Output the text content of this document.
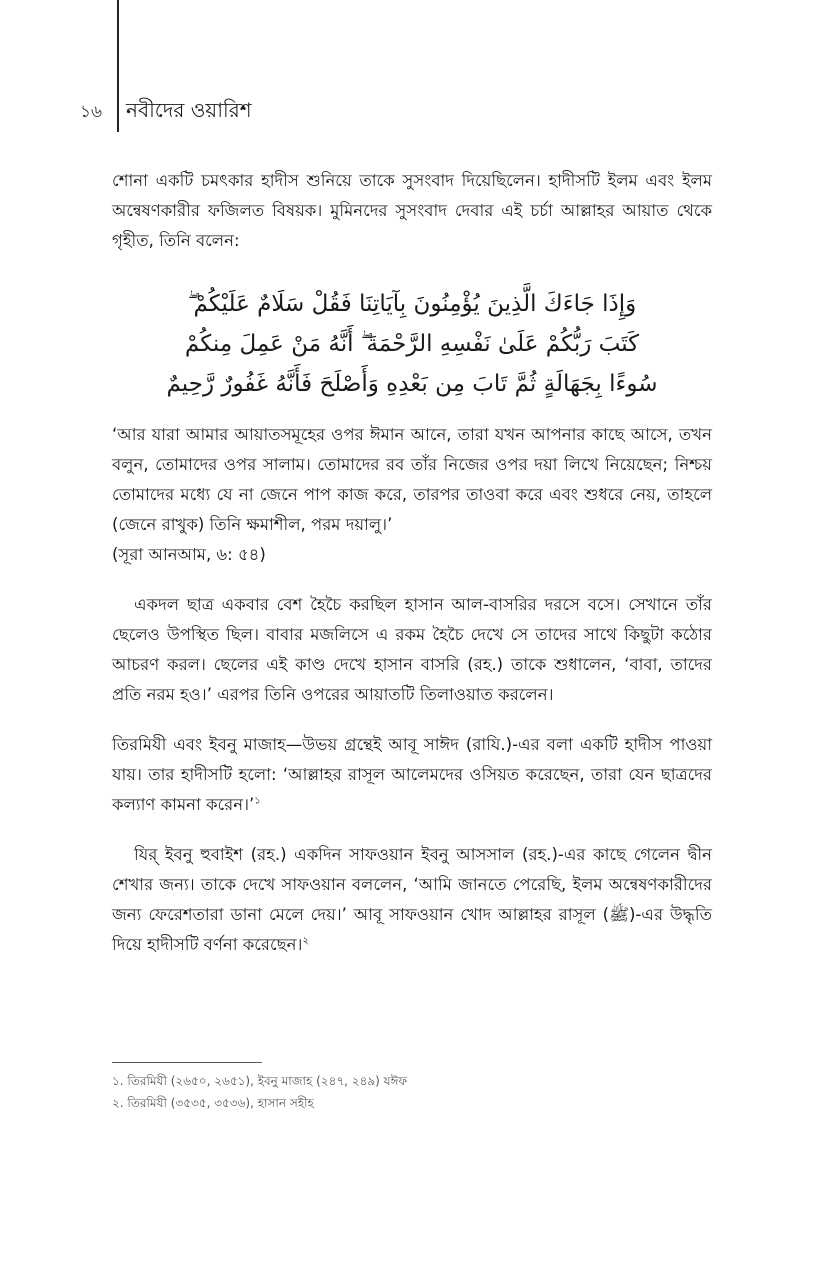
১৬ নবীদের ওয়ারিশ

শোনা একটি চমৎকার হাদীস শুনিয়ে তাকে সুসংবাদ দিয়েছিলেন। হাদীসটি ইলম এবং ইলম অন্বেষণকারীর ফজিলত বিষয়ক। মুমিনদের সুসংবাদ দেবার এই চর্চা আল্লাহর আয়াত থেকে গৃহীত, তিনি বলেন:

وَإِذَا جَاءَكَ الَّذِينَ يُؤْمِنُونَ بِآيَاتِنَا فَقُلْ سَلَامٌ عَلَيْكُمْ ۖ
كَتَبَ رَبُّكُمْ عَلَىٰ نَفْسِهِ الرَّحْمَةَ ۖ أَنَّهُ مَنْ عَمِلَ مِنكُمْ
سُوءًا بِجَهَالَةٍ ثُمَّ تَابَ مِن بَعْدِهِ وَأَصْلَحَ فَأَنَّهُ غَفُورٌ رَّحِيمٌ

‘আর যারা আমার আয়াতসমূহের ওপর ঈমান আনে, তারা যখন আপনার কাছে আসে, তখন বলুন, তোমাদের ওপর সালাম। তোমাদের রব তাঁর নিজের ওপর দয়া লিখে নিয়েছেন; নিশ্চয় তোমাদের মধ্যে যে না জেনে পাপ কাজ করে, তারপর তাওবা করে এবং শুধরে নেয়, তাহলে (জেনে রাখুক) তিনি ক্ষমাশীল, পরম দয়ালু।’

(সূরা আনআম, ৬: ৫৪)

একদল ছাত্র একবার বেশ হৈচৈ করছিল হাসান আল-বাসরির দরসে বসে। সেখানে তাঁর ছেলেও উপস্থিত ছিল। বাবার মজলিসে এ রকম হৈচৈ দেখে সে তাদের সাথে কিছুটা কঠোর আচরণ করল। ছেলের এই কাণ্ড দেখে হাসান বাসরি (রহ.) তাকে শুধালেন, ‘বাবা, তাদের প্রতি নরম হও।’ এরপর তিনি ওপরের আয়াতটি তিলাওয়াত করলেন।

তিরমিযী এবং ইবনু মাজাহ—উভয় গ্রন্থেই আবূ সাঈদ (রাযি.)-এর বলা একটি হাদীস পাওয়া যায়। তার হাদীসটি হলো: ‘আল্লাহর রাসূল আলেমদের ওসিয়ত করেছেন, তারা যেন ছাত্রদের কল্যাণ কামনা করেন।’$^১$

যির্ ইবনু হুবাইশ (রহ.) একদিন সাফওয়ান ইবনু আসসাল (রহ.)-এর কাছে গেলেন দ্বীন শেখার জন্য। তাকে দেখে সাফওয়ান বললেন, ‘আমি জানতে পেরেছি, ইলম অন্বেষণকারীদের জন্য ফেরেশতারা ডানা মেলে দেয়।’ আবূ সাফওয়ান খোদ আল্লাহর রাসূল (ﷺ)-এর উদ্ধৃতি দিয়ে হাদীসটি বর্ণনা করেছেন।$^২$

১. তিরমিযী (২৬৫০, ২৬৫১), ইবনু মাজাহ (২৪৭, ২৪৯) যঈফ
২. তিরমিযী (৩৫৩৫, ৩৫৩৬), হাসান সহীহ
